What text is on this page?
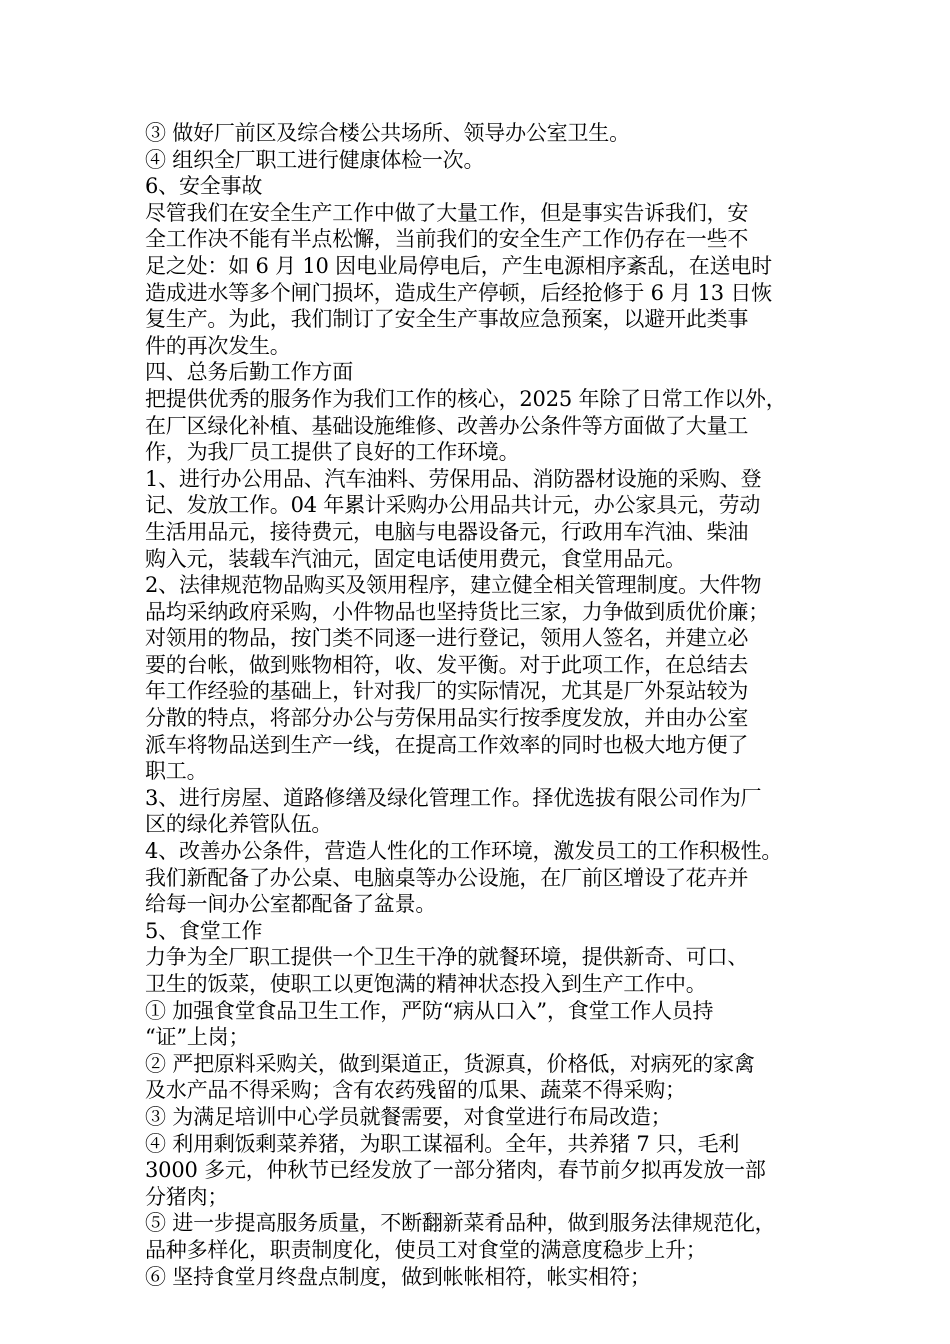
③ 做好厂前区及综合楼公共场所、领导办公室卫生。
④ 组织全厂职工进行健康体检一次。
6、安全事故
尽管我们在安全生产工作中做了大量工作，但是事实告诉我们，安
全工作决不能有半点松懈，当前我们的安全生产工作仍存在一些不
足之处：如 6 月 10 因电业局停电后，产生电源相序紊乱，在送电时
造成进水等多个闸门损坏，造成生产停顿，后经抢修于 6 月 13 日恢
复生产。为此，我们制订了安全生产事故应急预案，以避开此类事
件的再次发生。
四、总务后勤工作方面
把提供优秀的服务作为我们工作的核心，2025 年除了日常工作以外，
在厂区绿化补植、基础设施维修、改善办公条件等方面做了大量工
作，为我厂员工提供了良好的工作环境。
1、进行办公用品、汽车油料、劳保用品、消防器材设施的采购、登
记、发放工作。04 年累计采购办公用品共计元，办公家具元，劳动
生活用品元，接待费元，电脑与电器设备元，行政用车汽油、柴油
购入元，装载车汽油元，固定电话使用费元，食堂用品元。
2、法律规范物品购买及领用程序，建立健全相关管理制度。大件物
品均采纳政府采购，小件物品也坚持货比三家，力争做到质优价廉；
对领用的物品，按门类不同逐一进行登记，领用人签名，并建立必
要的台帐，做到账物相符，收、发平衡。对于此项工作，在总结去
年工作经验的基础上，针对我厂的实际情况，尤其是厂外泵站较为
分散的特点，将部分办公与劳保用品实行按季度发放，并由办公室
派车将物品送到生产一线，在提高工作效率的同时也极大地方便了
职工。
3、进行房屋、道路修缮及绿化管理工作。择优选拔有限公司作为厂
区的绿化养管队伍。
4、改善办公条件，营造人性化的工作环境，激发员工的工作积极性。
我们新配备了办公桌、电脑桌等办公设施，在厂前区增设了花卉并
给每一间办公室都配备了盆景。
5、食堂工作
力争为全厂职工提供一个卫生干净的就餐环境，提供新奇、可口、
卫生的饭菜，使职工以更饱满的精神状态投入到生产工作中。
① 加强食堂食品卫生工作，严防“病从口入”，食堂工作人员持
“证”上岗；
② 严把原料采购关，做到渠道正，货源真，价格低，对病死的家禽
及水产品不得采购；含有农药残留的瓜果、蔬菜不得采购；
③ 为满足培训中心学员就餐需要，对食堂进行布局改造；
④ 利用剩饭剩菜养猪，为职工谋福利。全年，共养猪 7 只，毛利
3000 多元，仲秋节已经发放了一部分猪肉，春节前夕拟再发放一部
分猪肉；
⑤ 进一步提高服务质量，不断翻新菜肴品种，做到服务法律规范化，
品种多样化，职责制度化，使员工对食堂的满意度稳步上升；
⑥ 坚持食堂月终盘点制度，做到帐帐相符，帐实相符；
